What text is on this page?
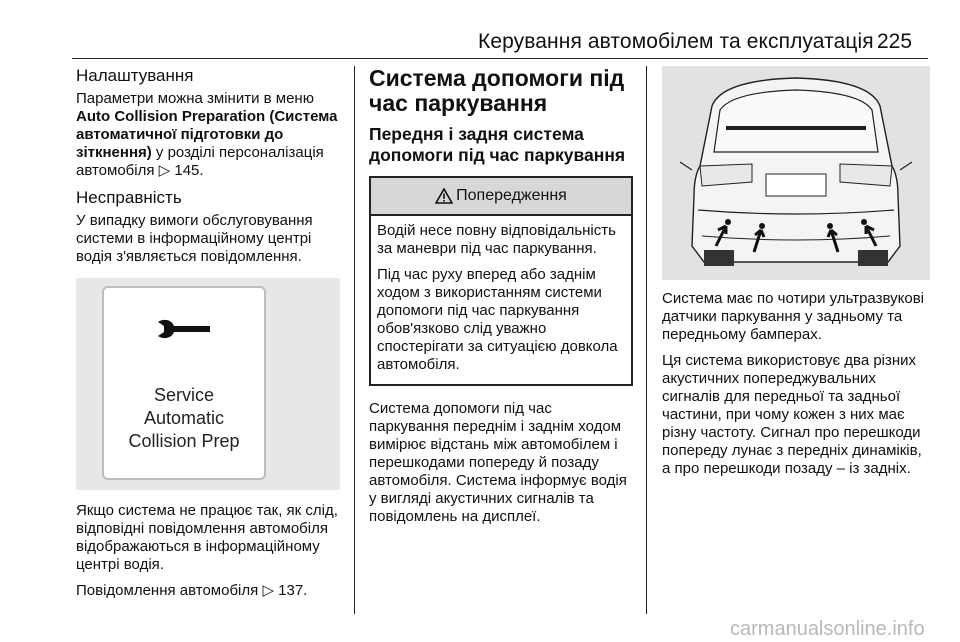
Керування автомобілем та експлуатація 225
Налаштування
Параметри можна змінити в меню Auto Collision Preparation (Система автоматичної підготовки до зіткнення) у розділі персоналізація автомобіля ▷ 145.
Несправність
У випадку вимоги обслуговування системи в інформаційному центрі водія з'являється повідомлення.
Service
Automatic
Collision Prep
Якщо система не працює так, як слід, відповідні повідомлення автомобіля відображаються в інформаційному центрі водія.
Повідомлення автомобіля ▷ 137.
Система допомоги під час паркування
Передня і задня система допомоги під час паркування
Попередження
Водій несе повну відповідальність за маневри під час паркування.
Під час руху вперед або заднім ходом з використанням системи допомоги під час паркування обов'язково слід уважно спостерігати за ситуацією довкола автомобіля.
Система допомоги під час паркування переднім і заднім ходом вимірює відстань між автомобілем і перешкодами попереду й позаду автомобіля. Система інформує водія у вигляді акустичних сигналів та повідомлень на дисплеї.
Система має по чотири ультразвукові датчики паркування у задньому та передньому бамперах.
Ця система використовує два різних акустичних попереджувальних сигналів для передньої та задньої частини, при чому кожен з них має різну частоту. Сигнал про перешкоди попереду лунає з передніх динаміків, а про перешкоди позаду – із задніх.
carmanualsonline.info
